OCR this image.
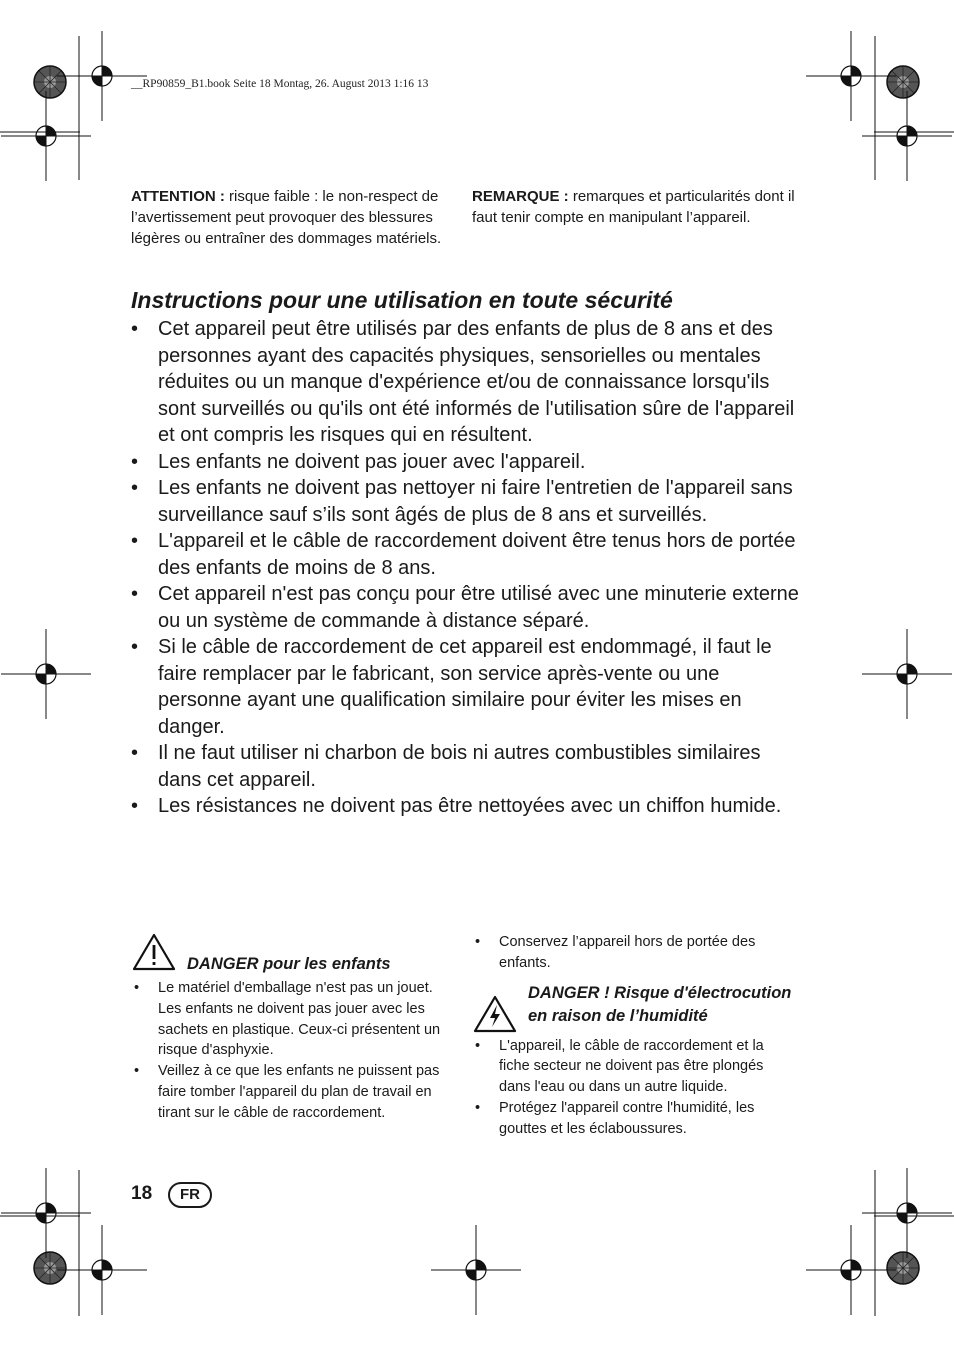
__RP90859_B1.book Seite 18 Montag, 26. August 2013 1:16 13
ATTENTION : risque faible : le non-respect de l’avertissement peut provoquer des blessures légères ou entraîner des dommages matériels.
REMARQUE : remarques et particularités dont il faut tenir compte en manipulant l’appareil.
Instructions pour une utilisation en toute sécurité
• Cet appareil peut être utilisés par des enfants de plus de 8 ans et des personnes ayant des capacités physiques, sensorielles ou mentales réduites ou un manque d'expérience et/ou de connaissance lorsqu'ils sont surveillés ou qu'ils ont été informés de l'utilisation sûre de l'appareil et ont compris les risques qui en résultent.
• Les enfants ne doivent pas jouer avec l'appareil.
• Les enfants ne doivent pas nettoyer ni faire l'entretien de l'appareil sans surveillance sauf s’ils sont âgés de plus de 8 ans et surveillés.
• L'appareil et le câble de raccordement doivent être tenus hors de portée des enfants de moins de 8 ans.
• Cet appareil n'est pas conçu pour être utilisé avec une minuterie externe ou un système de commande à distance séparé.
• Si le câble de raccordement de cet appareil est endommagé, il faut le faire remplacer par le fabricant, son service après-vente ou une personne ayant une qualification similaire pour éviter les mises en danger.
• Il ne faut utiliser ni charbon de bois ni autres combustibles similaires dans cet appareil.
• Les résistances ne doivent pas être nettoyées avec un chiffon humide.
DANGER pour les enfants
• Le matériel d'emballage n'est pas un jouet. Les enfants ne doivent pas jouer avec les sachets en plastique. Ceux-ci présentent un risque d'asphyxie.
• Veillez à ce que les enfants ne puissent pas faire tomber l'appareil du plan de travail en tirant sur le câble de raccordement.
• Conservez l’appareil hors de portée des enfants.
DANGER ! Risque d'électrocution en raison de l’humidité
• L'appareil, le câble de raccordement et la fiche secteur ne doivent pas être plongés dans l'eau ou dans un autre liquide.
• Protégez l'appareil contre l'humidité, les gouttes et les éclaboussures.
18	FR
